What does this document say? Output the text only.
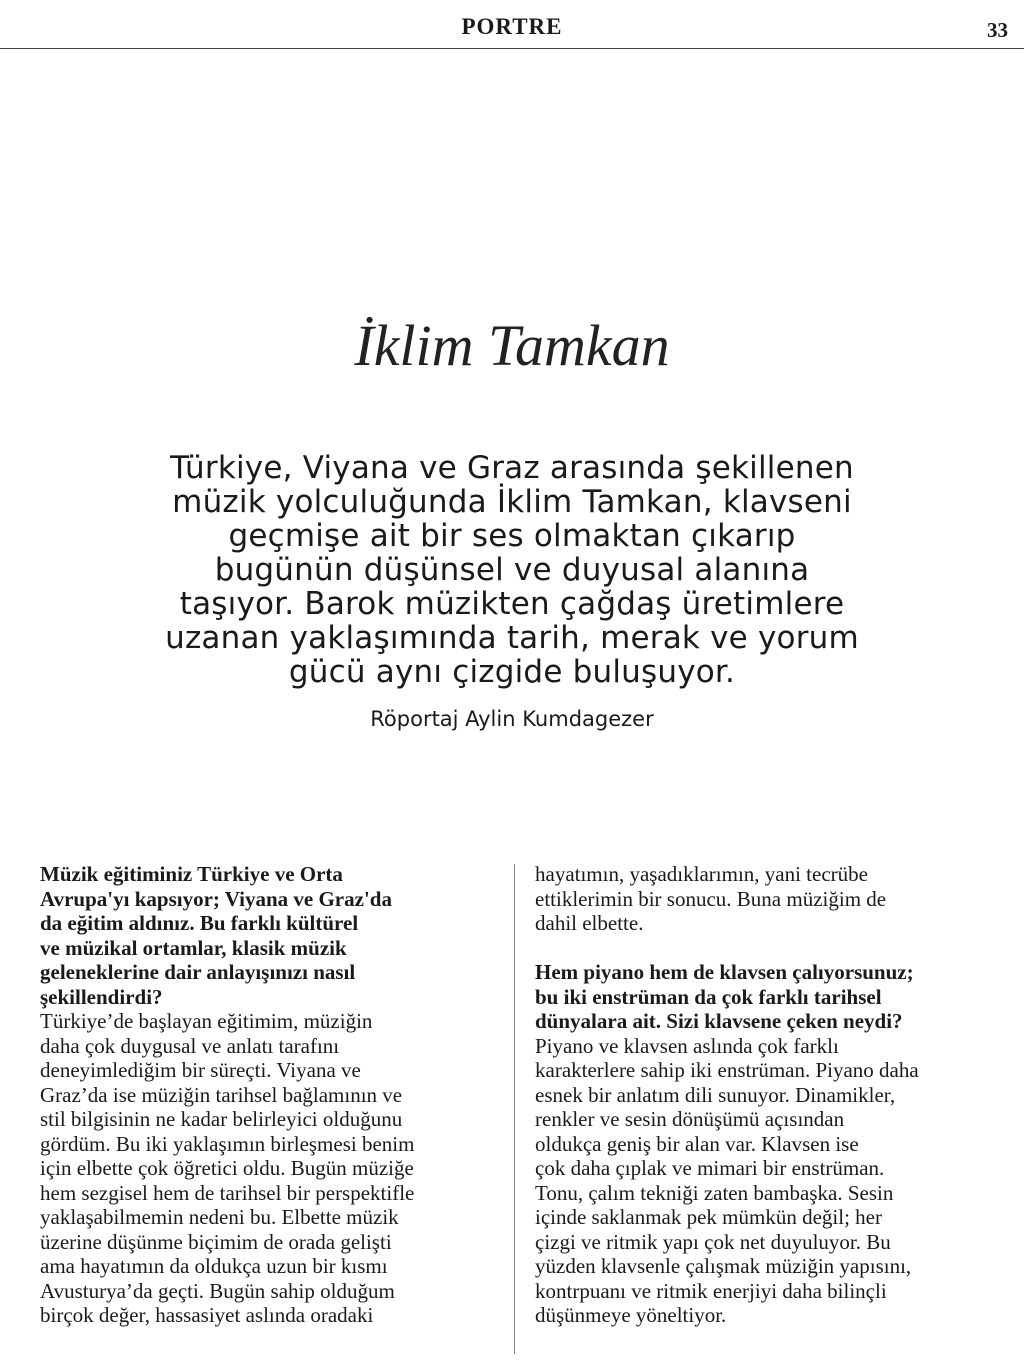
PORTRE	33
İklim Tamkan
Türkiye, Viyana ve Graz arasında şekillenen
müzik yolculuğunda İklim Tamkan, klavseni
geçmişe ait bir ses olmaktan çıkarıp
bugünün düşünsel ve duyusal alanına
taşıyor. Barok müzikten çağdaş üretimlere
uzanan yaklaşımında tarih, merak ve yorum
gücü aynı çizgide buluşuyor.
Röportaj Aylin Kumdagezer
Müzik eğitiminiz Türkiye ve Orta
Avrupa'yı kapsıyor; Viyana ve Graz'da
da eğitim aldınız. Bu farklı kültürel
ve müzikal ortamlar, klasik müzik
geleneklerine dair anlayışınızı nasıl
şekillendirdi?
Türkiye’de başlayan eğitimim, müziğin
daha çok duygusal ve anlatı tarafını
deneyimlediğim bir süreçti. Viyana ve
Graz’da ise müziğin tarihsel bağlamının ve
stil bilgisinin ne kadar belirleyici olduğunu
gördüm. Bu iki yaklaşımın birleşmesi benim
için elbette çok öğretici oldu. Bugün müziğe
hem sezgisel hem de tarihsel bir perspektifle
yaklaşabilmemin nedeni bu. Elbette müzik
üzerine düşünme biçimim de orada gelişti
ama hayatımın da oldukça uzun bir kısmı
Avusturya’da geçti. Bugün sahip olduğum
birçok değer, hassasiyet aslında oradaki
hayatımın, yaşadıklarımın, yani tecrübe
ettiklerimin bir sonucu. Buna müziğim de
dahil elbette.
Hem piyano hem de klavsen çalıyorsunuz;
bu iki enstrüman da çok farklı tarihsel
dünyalara ait. Sizi klavsene çeken neydi?
Piyano ve klavsen aslında çok farklı
karakterlere sahip iki enstrüman. Piyano daha
esnek bir anlatım dili sunuyor. Dinamikler,
renkler ve sesin dönüşümü açısından
oldukça geniş bir alan var. Klavsen ise
çok daha çıplak ve mimari bir enstrüman.
Tonu, çalım tekniği zaten bambaşka. Sesin
içinde saklanmak pek mümkün değil; her
çizgi ve ritmik yapı çok net duyuluyor. Bu
yüzden klavsenle çalışmak müziğin yapısını,
kontrpuanı ve ritmik enerjiyi daha bilinçli
düşünmeye yöneltiyor.
